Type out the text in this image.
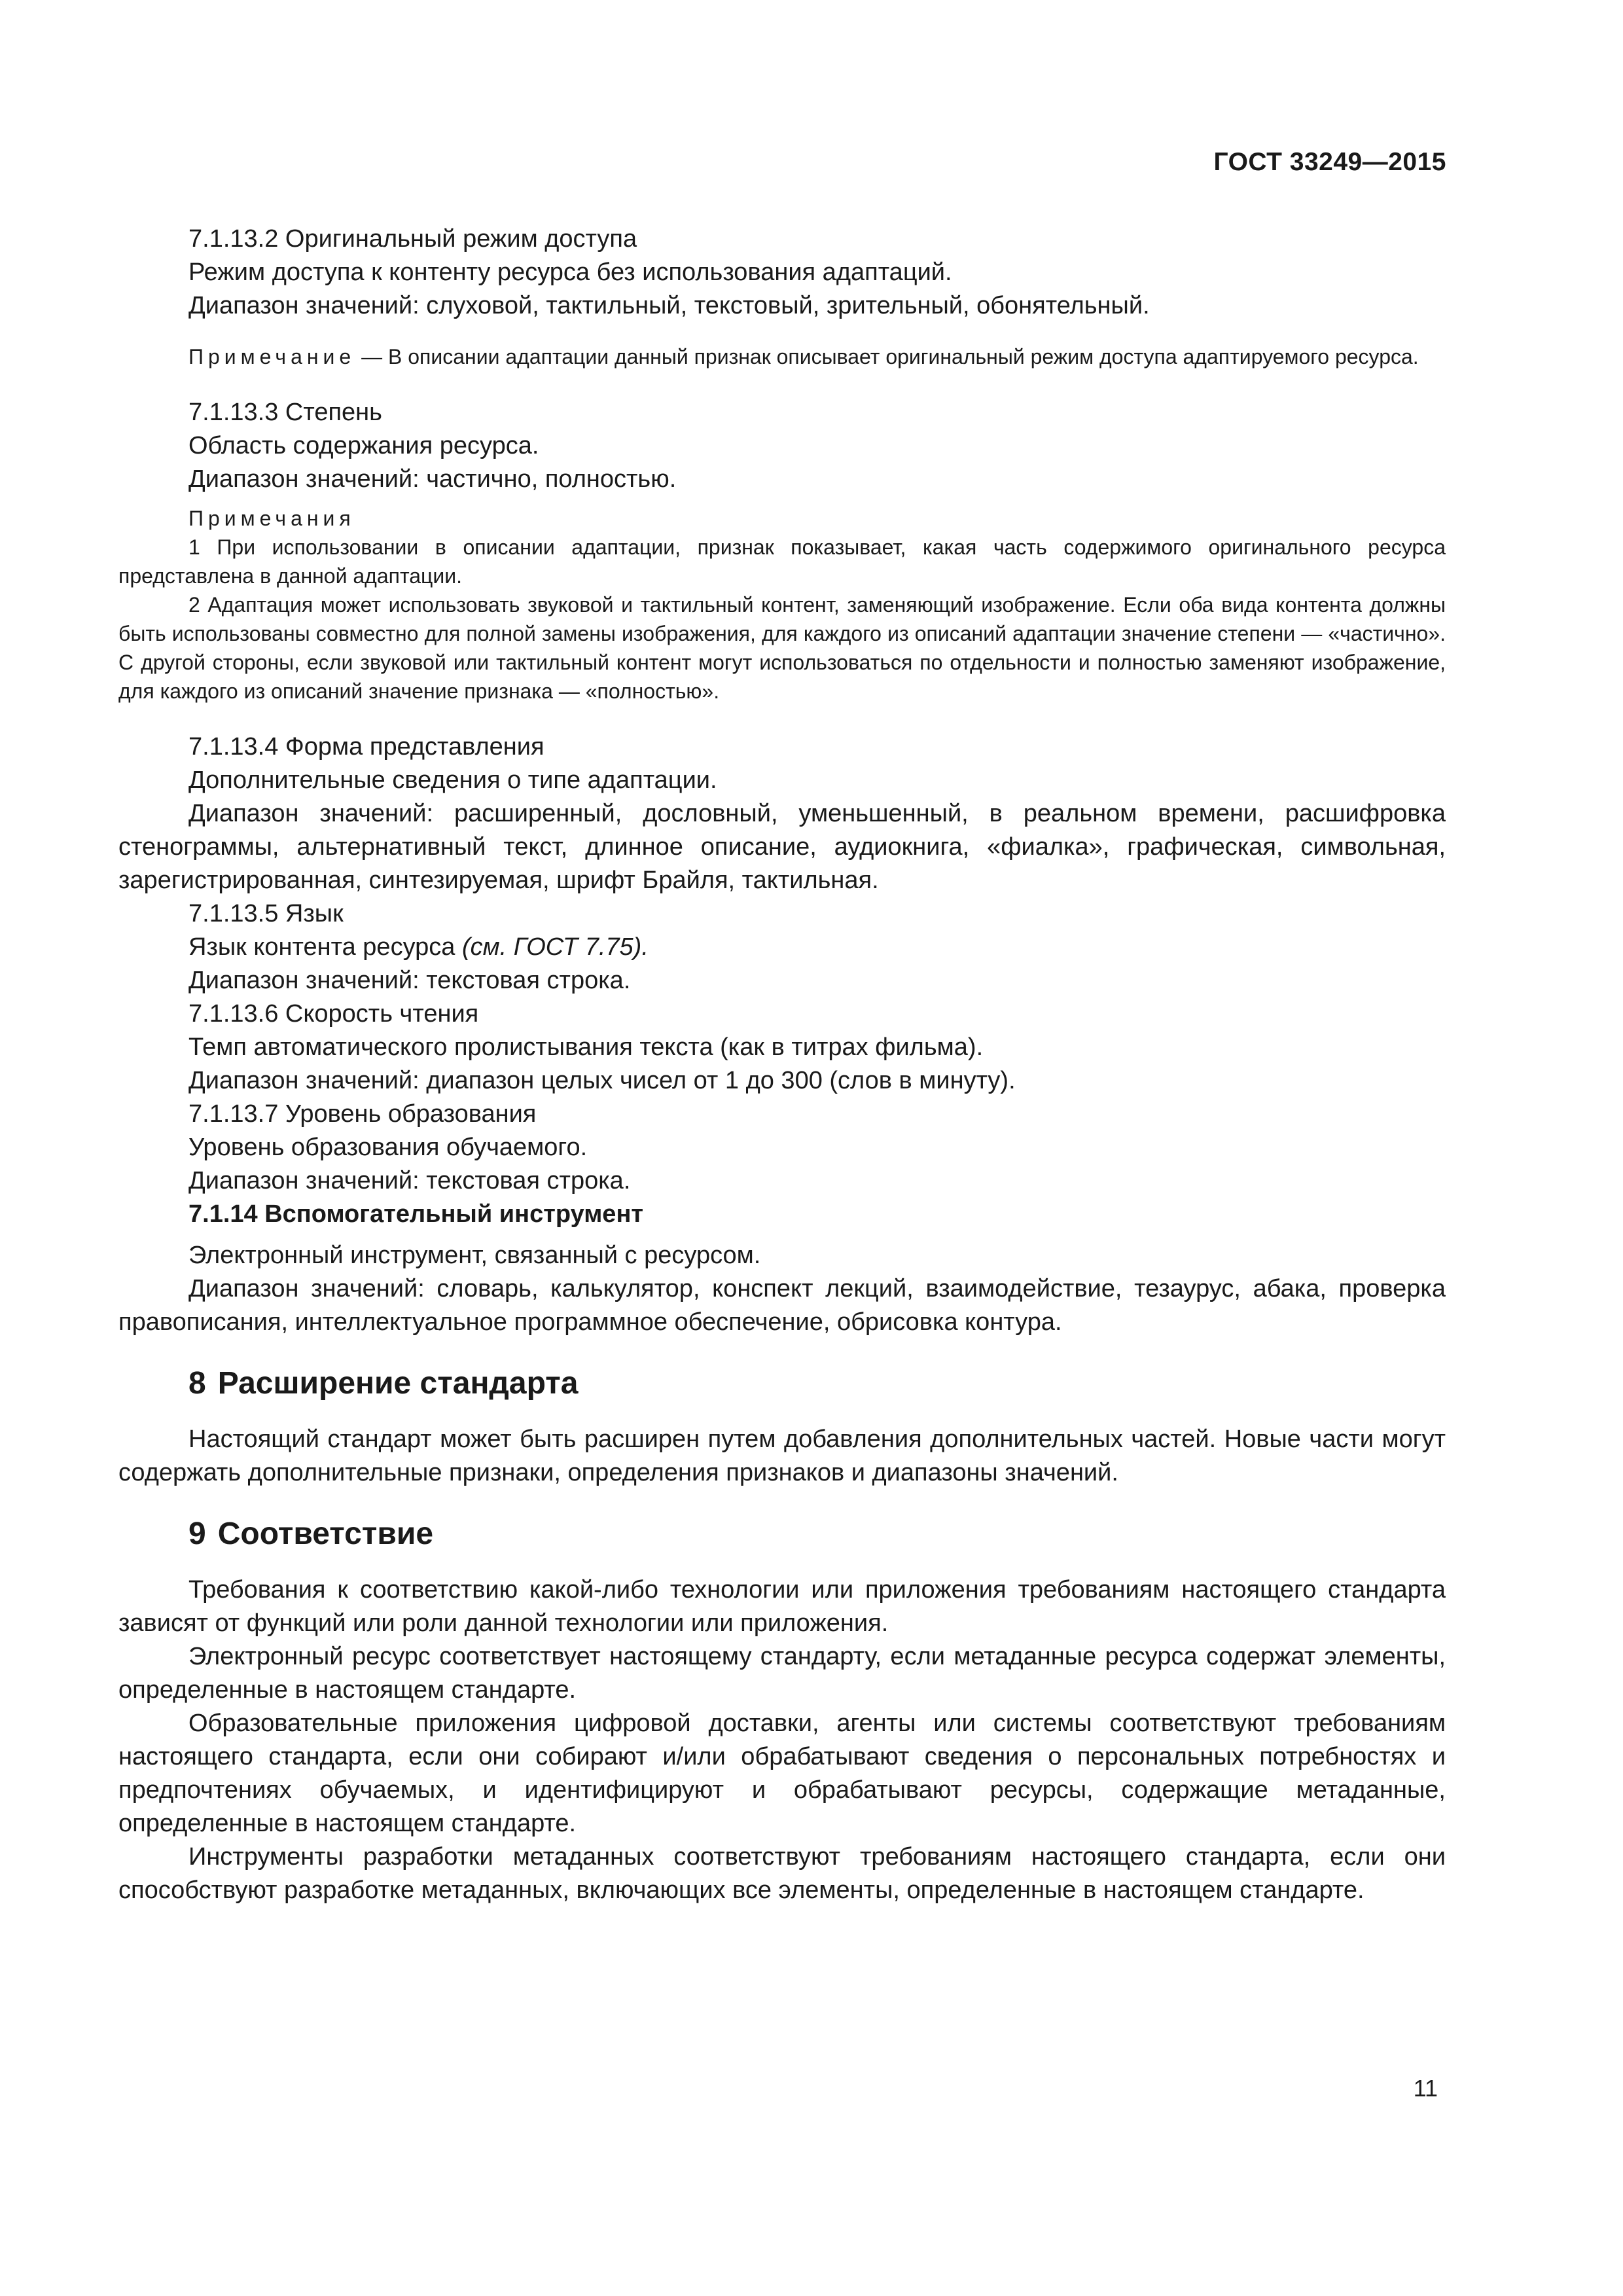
ГОСТ 33249—2015

7.1.13.2 Оригинальный режим доступа

Режим доступа к контенту ресурса без использования адаптаций.

Диапазон значений: слуховой, тактильный, текстовый, зрительный, обонятельный.

Примечание — В описании адаптации данный признак описывает оригинальный режим доступа адаптируемого ресурса.

7.1.13.3 Степень

Область содержания ресурса.

Диапазон значений: частично, полностью.

Примечания

1 При использовании в описании адаптации, признак показывает, какая часть содержимого оригинального ресурса представлена в данной адаптации.

2 Адаптация может использовать звуковой и тактильный контент, заменяющий изображение. Если оба вида контента должны быть использованы совместно для полной замены изображения, для каждого из описаний адаптации значение степени — «частично». С другой стороны, если звуковой или тактильный контент могут использоваться по отдельности и полностью заменяют изображение, для каждого из описаний значение признака — «полностью».

7.1.13.4 Форма представления

Дополнительные сведения о типе адаптации.

Диапазон значений: расширенный, дословный, уменьшенный, в реальном времени, расшифровка стенограммы, альтернативный текст, длинное описание, аудиокнига, «фиалка», графическая, символьная, зарегистрированная, синтезируемая, шрифт Брайля, тактильная.

7.1.13.5 Язык

Язык контента ресурса (см. ГОСТ 7.75).

Диапазон значений: текстовая строка.

7.1.13.6 Скорость чтения

Темп автоматического пролистывания текста (как в титрах фильма).

Диапазон значений: диапазон целых чисел от 1 до 300 (слов в минуту).

7.1.13.7 Уровень образования

Уровень образования обучаемого.

Диапазон значений: текстовая строка.

7.1.14 Вспомогательный инструмент

Электронный инструмент, связанный с ресурсом.

Диапазон значений: словарь, калькулятор, конспект лекций, взаимодействие, тезаурус, абака, проверка правописания, интеллектуальное программное обеспечение, обрисовка контура.

8 Расширение стандарта

Настоящий стандарт может быть расширен путем добавления дополнительных частей. Новые части могут содержать дополнительные признаки, определения признаков и диапазоны значений.

9 Соответствие

Требования к соответствию какой-либо технологии или приложения требованиям настоящего стандарта зависят от функций или роли данной технологии или приложения.

Электронный ресурс соответствует настоящему стандарту, если метаданные ресурса содержат элементы, определенные в настоящем стандарте.

Образовательные приложения цифровой доставки, агенты или системы соответствуют требованиям настоящего стандарта, если они собирают и/или обрабатывают сведения о персональных потребностях и предпочтениях обучаемых, и идентифицируют и обрабатывают ресурсы, содержащие метаданные, определенные в настоящем стандарте.

Инструменты разработки метаданных соответствуют требованиям настоящего стандарта, если они способствуют разработке метаданных, включающих все элементы, определенные в настоящем стандарте.

11
